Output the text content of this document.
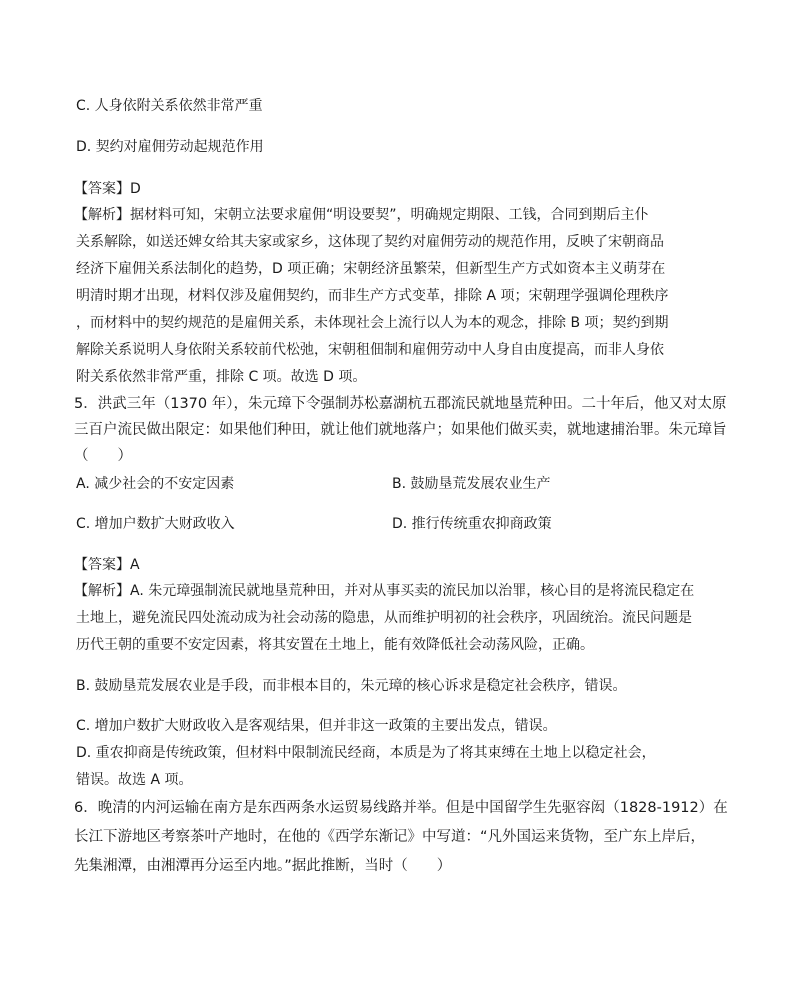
C. 人身依附关系依然非常严重
D. 契约对雇佣劳动起规范作用
【答案】D
【解析】据材料可知，宋朝立法要求雇佣“明设要契”，明确规定期限、工钱，合同到期后主仆
关系解除，如送还婢女给其夫家或家乡，这体现了契约对雇佣劳动的规范作用，反映了宋朝商品
经济下雇佣关系法制化的趋势，D 项正确；宋朝经济虽繁荣，但新型生产方式如资本主义萌芽在
明清时期才出现，材料仅涉及雇佣契约，而非生产方式变革，排除 A 项；宋朝理学强调伦理秩序
，而材料中的契约规范的是雇佣关系，未体现社会上流行以人为本的观念，排除 B 项；契约到期
解除关系说明人身依附关系较前代松弛，宋朝租佃制和雇佣劳动中人身自由度提高，而非人身依
附关系依然非常严重，排除 C 项。故选 D 项。
5．洪武三年（1370 年），朱元璋下令强制苏松嘉湖杭五郡流民就地垦荒种田。二十年后，他又对太原
三百户流民做出限定：如果他们种田，就让他们就地落户；如果他们做买卖，就地逮捕治罪。朱元璋旨
（　　）
A. 减少社会的不安定因素	B. 鼓励垦荒发展农业生产
C. 增加户数扩大财政收入	D. 推行传统重农抑商政策
【答案】A
【解析】A. 朱元璋强制流民就地垦荒种田，并对从事买卖的流民加以治罪，核心目的是将流民稳定在
土地上，避免流民四处流动成为社会动荡的隐患，从而维护明初的社会秩序，巩固统治。流民问题是
历代王朝的重要不安定因素，将其安置在土地上，能有效降低社会动荡风险，正确。
B. 鼓励垦荒发展农业是手段，而非根本目的，朱元璋的核心诉求是稳定社会秩序，错误。
C. 增加户数扩大财政收入是客观结果，但并非这一政策的主要出发点，错误。
D. 重农抑商是传统政策，但材料中限制流民经商，本质是为了将其束缚在土地上以稳定社会，
错误。故选 A 项。
6．晚清的内河运输在南方是东西两条水运贸易线路并举。但是中国留学生先驱容闳（1828-1912）在
长江下游地区考察茶叶产地时，在他的《西学东渐记》中写道：“凡外国运来货物，至广东上岸后，
先集湘潭，由湘潭再分运至内地。”据此推断，当时（　　）
